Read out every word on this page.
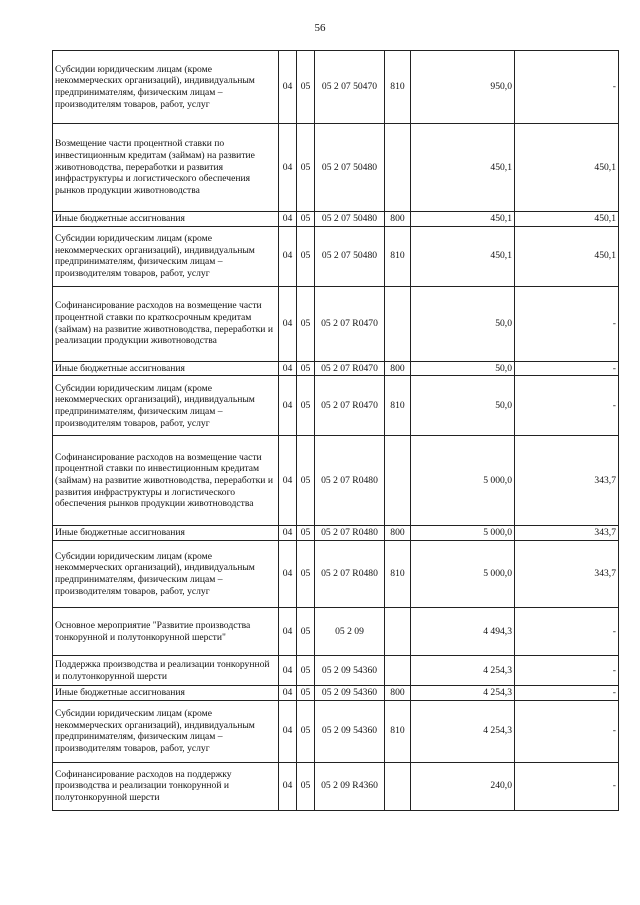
56
Субсидии юридическим лицам (кроме некоммерческих организаций), индивидуальным предпринимателям, физическим лицам – производителям товаров, работ, услуг	04	05	05 2 07 50470	810	950,0	-
Возмещение части процентной ставки по инвестиционным кредитам (займам) на развитие животноводства, переработки и развития инфраструктуры и логистического обеспечения рынков продукции животноводства	04	05	05 2 07 50480		450,1	450,1
Иные бюджетные ассигнования	04	05	05 2 07 50480	800	450,1	450,1
Субсидии юридическим лицам (кроме некоммерческих организаций), индивидуальным предпринимателям, физическим лицам – производителям товаров, работ, услуг	04	05	05 2 07 50480	810	450,1	450,1
Софинансирование расходов на возмещение части процентной ставки по краткосрочным кредитам (займам) на развитие животноводства, переработки и реализации продукции животноводства	04	05	05 2 07 R0470		50,0	-
Иные бюджетные ассигнования	04	05	05 2 07 R0470	800	50,0	-
Субсидии юридическим лицам (кроме некоммерческих организаций), индивидуальным предпринимателям, физическим лицам – производителям товаров, работ, услуг	04	05	05 2 07 R0470	810	50,0	-
Софинансирование расходов на возмещение части процентной ставки по инвестиционным кредитам (займам) на развитие животноводства, переработки и развития инфраструктуры и логистического обеспечения рынков продукции животноводства	04	05	05 2 07 R0480		5 000,0	343,7
Иные бюджетные ассигнования	04	05	05 2 07 R0480	800	5 000,0	343,7
Субсидии юридическим лицам (кроме некоммерческих организаций), индивидуальным предпринимателям, физическим лицам – производителям товаров, работ, услуг	04	05	05 2 07 R0480	810	5 000,0	343,7
Основное мероприятие "Развитие производства тонкорунной и полутонкорунной шерсти"	04	05	05 2 09		4 494,3	-
Поддержка производства и реализации тонкорунной и полутонкорунной шерсти	04	05	05 2 09 54360		4 254,3	-
Иные бюджетные ассигнования	04	05	05 2 09 54360	800	4 254,3	-
Субсидии юридическим лицам (кроме некоммерческих организаций), индивидуальным предпринимателям, физическим лицам – производителям товаров, работ, услуг	04	05	05 2 09 54360	810	4 254,3	-
Софинансирование расходов на поддержку производства и реализации тонкорунной и полутонкорунной шерсти	04	05	05 2 09 R4360		240,0	-
